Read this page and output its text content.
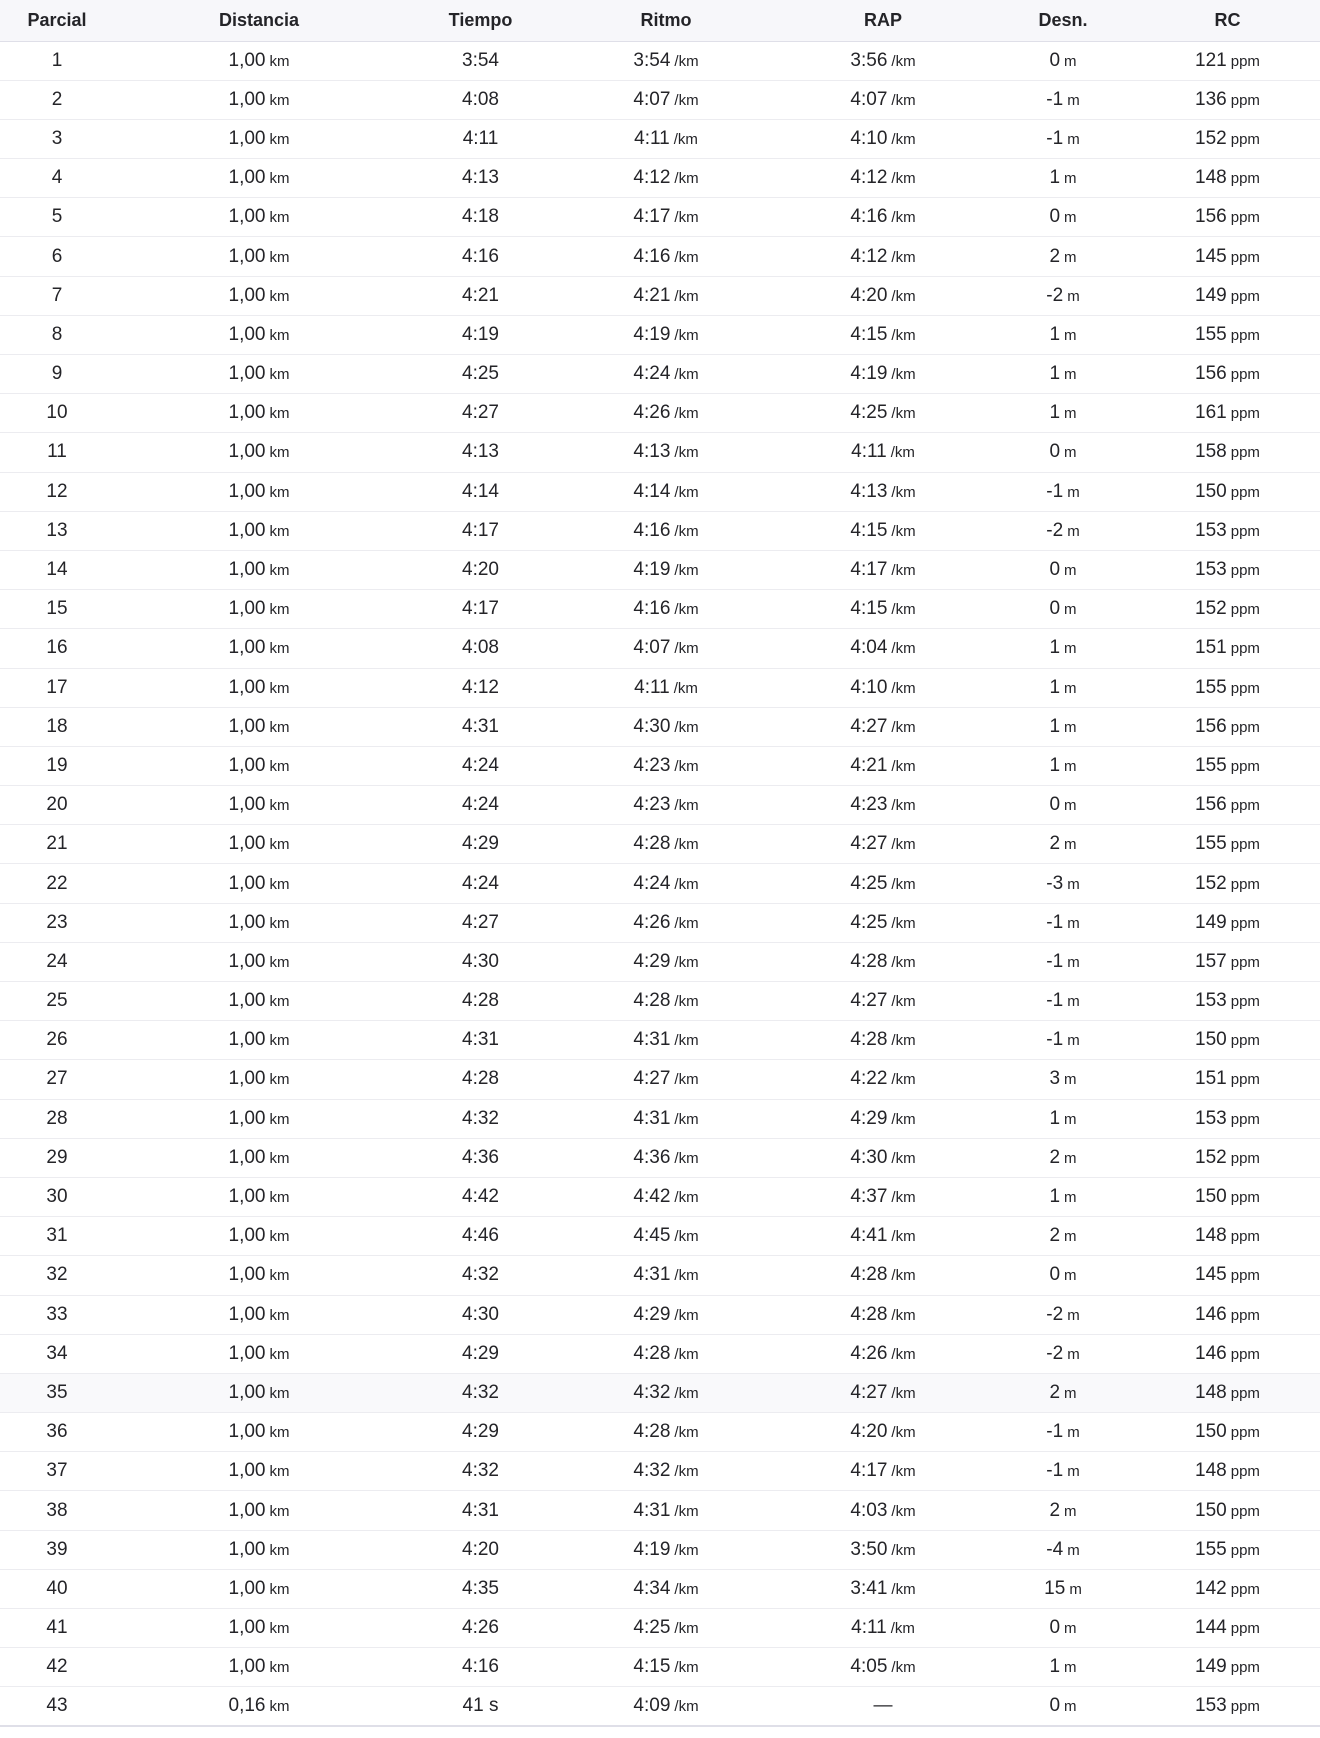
Parcial	Distancia	Tiempo	Ritmo	RAP	Desn.	RC
1	1,00 km	3:54	3:54 /km	3:56 /km	0 m	121 ppm
2	1,00 km	4:08	4:07 /km	4:07 /km	-1 m	136 ppm
3	1,00 km	4:11	4:11 /km	4:10 /km	-1 m	152 ppm
4	1,00 km	4:13	4:12 /km	4:12 /km	1 m	148 ppm
5	1,00 km	4:18	4:17 /km	4:16 /km	0 m	156 ppm
6	1,00 km	4:16	4:16 /km	4:12 /km	2 m	145 ppm
7	1,00 km	4:21	4:21 /km	4:20 /km	-2 m	149 ppm
8	1,00 km	4:19	4:19 /km	4:15 /km	1 m	155 ppm
9	1,00 km	4:25	4:24 /km	4:19 /km	1 m	156 ppm
10	1,00 km	4:27	4:26 /km	4:25 /km	1 m	161 ppm
11	1,00 km	4:13	4:13 /km	4:11 /km	0 m	158 ppm
12	1,00 km	4:14	4:14 /km	4:13 /km	-1 m	150 ppm
13	1,00 km	4:17	4:16 /km	4:15 /km	-2 m	153 ppm
14	1,00 km	4:20	4:19 /km	4:17 /km	0 m	153 ppm
15	1,00 km	4:17	4:16 /km	4:15 /km	0 m	152 ppm
16	1,00 km	4:08	4:07 /km	4:04 /km	1 m	151 ppm
17	1,00 km	4:12	4:11 /km	4:10 /km	1 m	155 ppm
18	1,00 km	4:31	4:30 /km	4:27 /km	1 m	156 ppm
19	1,00 km	4:24	4:23 /km	4:21 /km	1 m	155 ppm
20	1,00 km	4:24	4:23 /km	4:23 /km	0 m	156 ppm
21	1,00 km	4:29	4:28 /km	4:27 /km	2 m	155 ppm
22	1,00 km	4:24	4:24 /km	4:25 /km	-3 m	152 ppm
23	1,00 km	4:27	4:26 /km	4:25 /km	-1 m	149 ppm
24	1,00 km	4:30	4:29 /km	4:28 /km	-1 m	157 ppm
25	1,00 km	4:28	4:28 /km	4:27 /km	-1 m	153 ppm
26	1,00 km	4:31	4:31 /km	4:28 /km	-1 m	150 ppm
27	1,00 km	4:28	4:27 /km	4:22 /km	3 m	151 ppm
28	1,00 km	4:32	4:31 /km	4:29 /km	1 m	153 ppm
29	1,00 km	4:36	4:36 /km	4:30 /km	2 m	152 ppm
30	1,00 km	4:42	4:42 /km	4:37 /km	1 m	150 ppm
31	1,00 km	4:46	4:45 /km	4:41 /km	2 m	148 ppm
32	1,00 km	4:32	4:31 /km	4:28 /km	0 m	145 ppm
33	1,00 km	4:30	4:29 /km	4:28 /km	-2 m	146 ppm
34	1,00 km	4:29	4:28 /km	4:26 /km	-2 m	146 ppm
35	1,00 km	4:32	4:32 /km	4:27 /km	2 m	148 ppm
36	1,00 km	4:29	4:28 /km	4:20 /km	-1 m	150 ppm
37	1,00 km	4:32	4:32 /km	4:17 /km	-1 m	148 ppm
38	1,00 km	4:31	4:31 /km	4:03 /km	2 m	150 ppm
39	1,00 km	4:20	4:19 /km	3:50 /km	-4 m	155 ppm
40	1,00 km	4:35	4:34 /km	3:41 /km	15 m	142 ppm
41	1,00 km	4:26	4:25 /km	4:11 /km	0 m	144 ppm
42	1,00 km	4:16	4:15 /km	4:05 /km	1 m	149 ppm
43	0,16 km	41 s	4:09 /km	—	0 m	153 ppm
